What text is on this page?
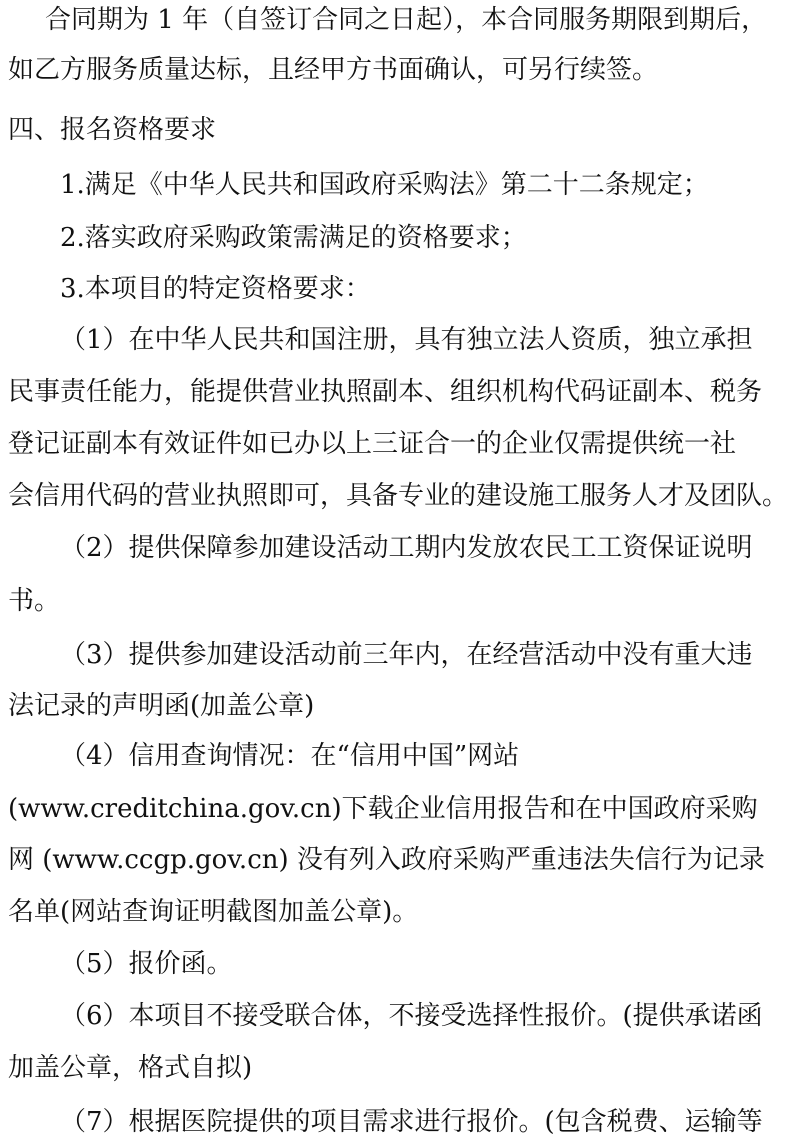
合同期为 1 年（自签订合同之日起），本合同服务期限到期后，
如乙方服务质量达标，且经甲方书面确认，可另行续签。
四、报名资格要求
1.满足《中华人民共和国政府采购法》第二十二条规定；
2.落实政府采购政策需满足的资格要求；
3.本项目的特定资格要求：
（1）在中华人民共和国注册，具有独立法人资质，独立承担
民事责任能力，能提供营业执照副本、组织机构代码证副本、税务
登记证副本有效证件如已办以上三证合一的企业仅需提供统一社
会信用代码的营业执照即可，具备专业的建设施工服务人才及团队。
（2）提供保障参加建设活动工期内发放农民工工资保证说明
书。
（3）提供参加建设活动前三年内，在经营活动中没有重大违
法记录的声明函(加盖公章)
（4）信用查询情况：在“信用中国”网站
(www.creditchina.gov.cn)下载企业信用报告和在中国政府采购
网 (www.ccgp.gov.cn) 没有列入政府采购严重违法失信行为记录
名单(网站查询证明截图加盖公章)。
（5）报价函。
（6）本项目不接受联合体，不接受选择性报价。(提供承诺函
加盖公章，格式自拟)
（7）根据医院提供的项目需求进行报价。(包含税费、运输等
